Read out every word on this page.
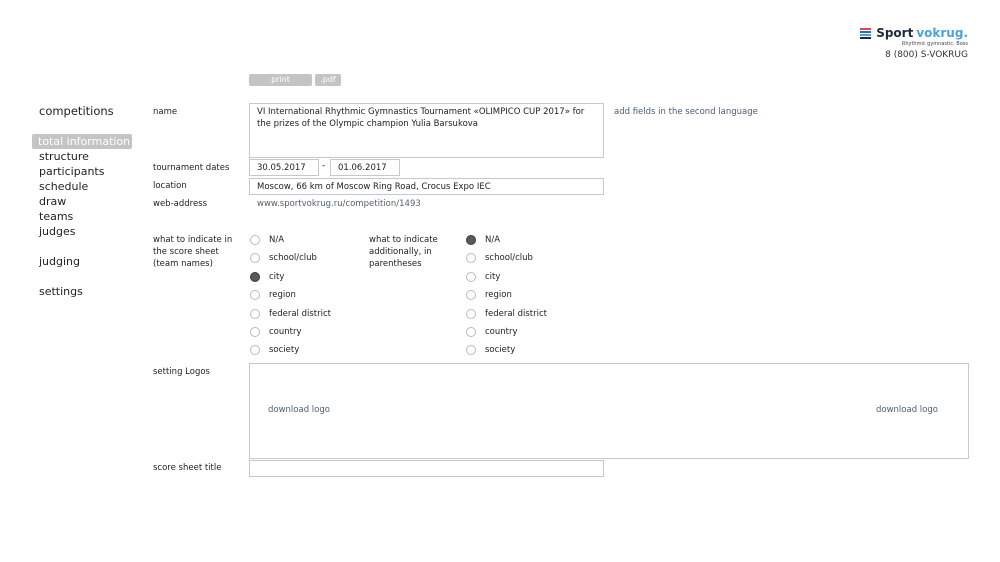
Sport vokrug.
Rhythmic gymnastic. Boss
8 (800) S-VOKRUG
print	.pdf
competitions
total information
structure
participants
schedule
draw
teams
judges
judging
settings
name	VI International Rhythmic Gymnastics Tournament «OLIMPICO CUP 2017» for the prizes of the Olympic champion Yulia Barsukova
add fields in the second language
tournament dates	30.05.2017	-	01.06.2017
location	Moscow, 66 km of Moscow Ring Road, Crocus Expo IEC
web-address	www.sportvokrug.ru/competition/1493
what to indicate in the score sheet (team names)
N/A
school/club
city
region
federal district
country
society
what to indicate additionally, in parentheses
N/A
school/club
city
region
federal district
country
society
setting Logos
download logo	download logo
score sheet title
